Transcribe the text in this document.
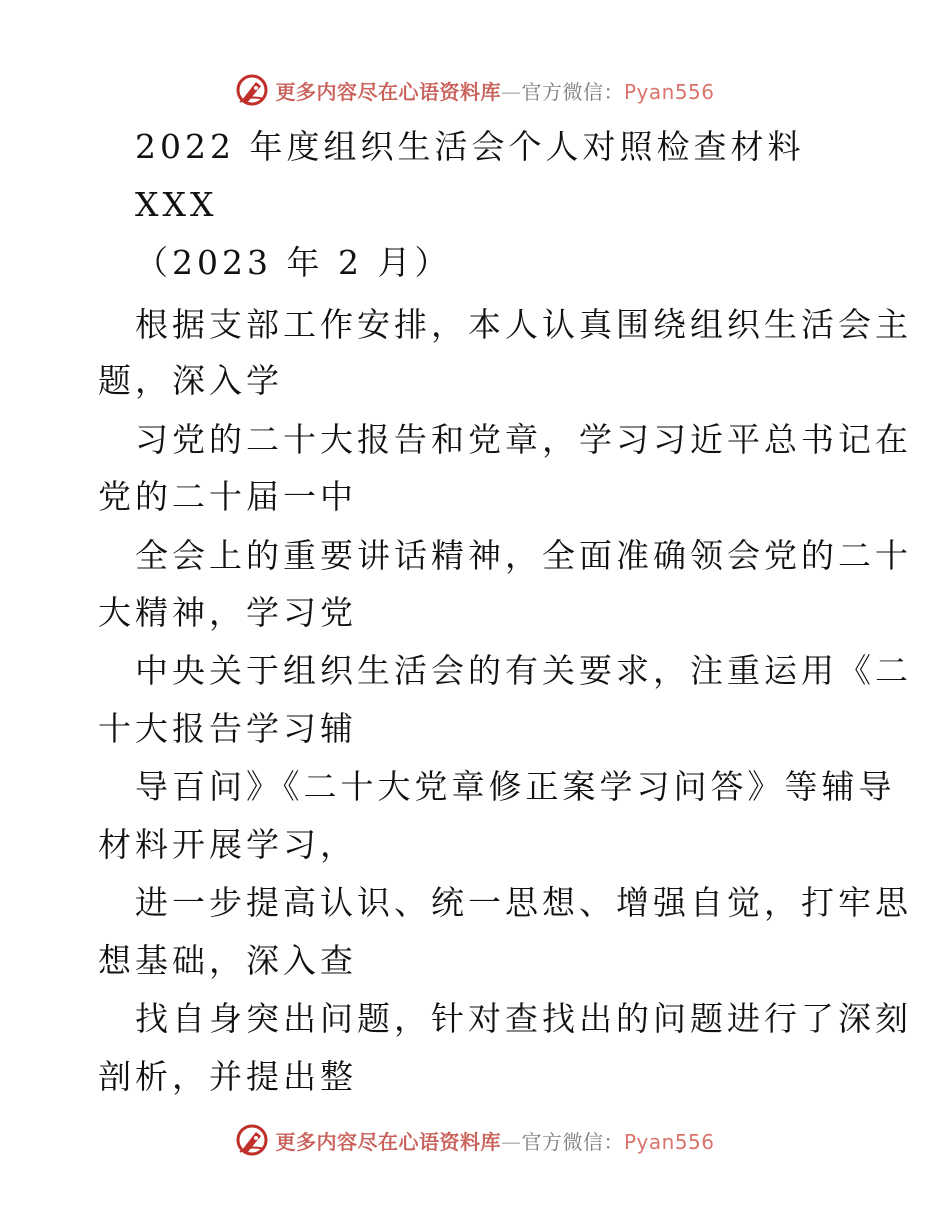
更多内容尽在心语资料库—官方微信：Pyan556
2022 年度组织生活会个人对照检查材料
XXX
（2023 年 2 月）
根据支部工作安排，本人认真围绕组织生活会主
题，深入学
习党的二十大报告和党章，学习习近平总书记在
党的二十届一中
全会上的重要讲话精神，全面准确领会党的二十
大精神，学习党
中央关于组织生活会的有关要求，注重运用《二
十大报告学习辅
导百问》《二十大党章修正案学习问答》等辅导
材料开展学习，
进一步提高认识、统一思想、增强自觉，打牢思
想基础，深入查
找自身突出问题，针对查找出的问题进行了深刻
剖析，并提出整
更多内容尽在心语资料库—官方微信：Pyan556
